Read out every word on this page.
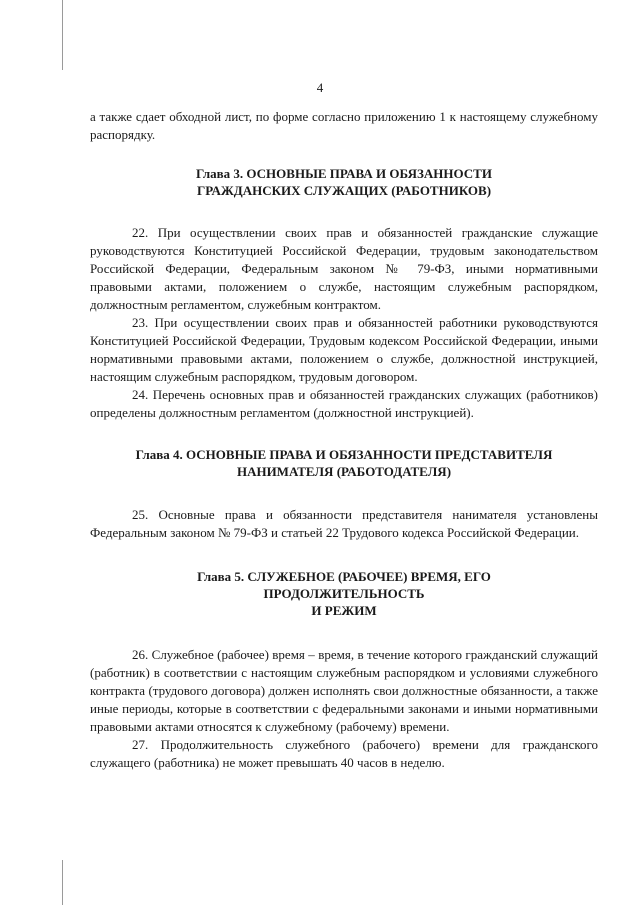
4

а также сдает обходной лист, по форме согласно приложению 1 к настоящему служебному распорядку.

Глава 3. ОСНОВНЫЕ ПРАВА И ОБЯЗАННОСТИ
ГРАЖДАНСКИХ СЛУЖАЩИХ (РАБОТНИКОВ)

22. При осуществлении своих прав и обязанностей гражданские служащие руководствуются Конституцией Российской Федерации, трудовым законодательством Российской Федерации, Федеральным законом № 79-ФЗ, иными нормативными правовыми актами, положением о службе, настоящим служебным распорядком, должностным регламентом, служебным контрактом.

23. При осуществлении своих прав и обязанностей работники руководствуются Конституцией Российской Федерации, Трудовым кодексом Российской Федерации, иными нормативными правовыми актами, положением о службе, должностной инструкцией, настоящим служебным распорядком, трудовым договором.

24. Перечень основных прав и обязанностей гражданских служащих (работников) определены должностным регламентом (должностной инструкцией).

Глава 4. ОСНОВНЫЕ ПРАВА И ОБЯЗАННОСТИ ПРЕДСТАВИТЕЛЯ
НАНИМАТЕЛЯ (РАБОТОДАТЕЛЯ)

25. Основные права и обязанности представителя нанимателя установлены Федеральным законом № 79-ФЗ и статьей 22 Трудового кодекса Российской Федерации.

Глава 5. СЛУЖЕБНОЕ (РАБОЧЕЕ) ВРЕМЯ, ЕГО
ПРОДОЛЖИТЕЛЬНОСТЬ
И РЕЖИМ

26. Служебное (рабочее) время – время, в течение которого гражданский служащий (работник) в соответствии с настоящим служебным распорядком и условиями служебного контракта (трудового договора) должен исполнять свои должностные обязанности, а также иные периоды, которые в соответствии с федеральными законами и иными нормативными правовыми актами относятся к служебному (рабочему) времени.

27. Продолжительность служебного (рабочего) времени для гражданского служащего (работника) не может превышать 40 часов в неделю.
